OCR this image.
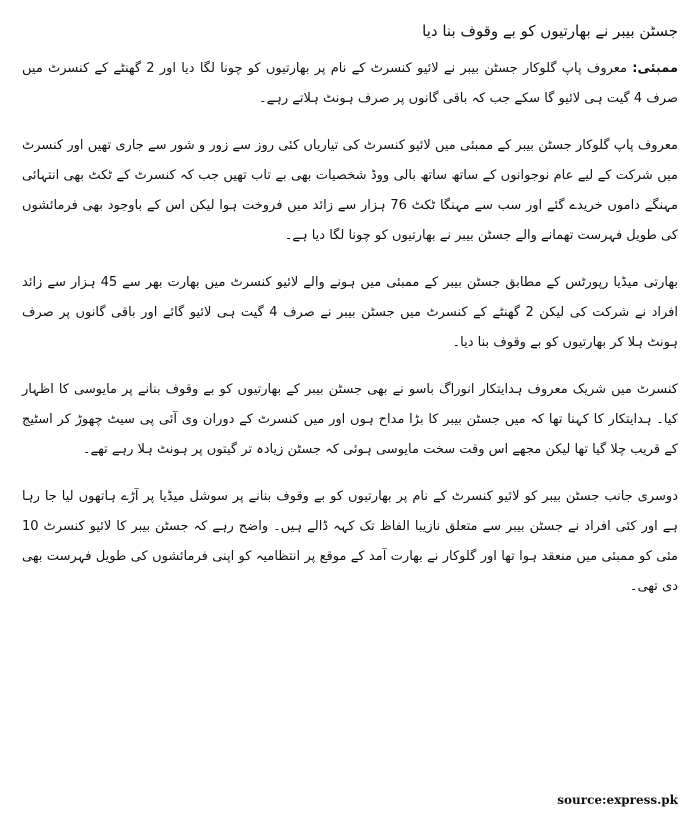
جسٹن بیبر نے بھارتیوں کو بے وقوف بنا دیا

ممبئی: معروف پاپ گلوکار جسٹن بیبر نے لائیو کنسرٹ کے نام پر بھارتیوں کو چونا لگا دیا اور 2 گھنٹے کے کنسرٹ میں صرف 4 گیت ہی لائیو گا سکے جب کہ باقی گانوں پر صرف ہونٹ ہلاتے رہے۔

معروف پاپ گلوکار جسٹن بیبر کے ممبئی میں لائیو کنسرٹ کی تیاریاں کئی روز سے زور و شور سے جاری تھیں اور کنسرٹ میں شرکت کے لیے عام نوجوانوں کے ساتھ ساتھ بالی ووڈ شخصیات بھی بے تاب تھیں جب کہ کنسرٹ کے ٹکٹ بھی انتہائی مہنگے داموں خریدے گئے اور سب سے مہنگا ٹکٹ 76 ہزار سے زائد میں فروخت ہوا لیکن اس کے باوجود بھی فرمائشوں کی طویل فہرست تھمانے والے جسٹن بیبر نے بھارتیوں کو چونا لگا دیا ہے۔

بھارتی میڈیا رپورٹس کے مطابق جسٹن بیبر کے ممبئی میں ہونے والے لائیو کنسرٹ میں بھارت بھر سے 45 ہزار سے زائد افراد نے شرکت کی لیکن 2 گھنٹے کے کنسرٹ میں جسٹن بیبر نے صرف 4 گیت ہی لائیو گائے اور باقی گانوں پر صرف ہونٹ ہلا کر بھارتیوں کو بے وقوف بنا دیا۔

کنسرٹ میں شریک معروف ہدایتکار انوراگ باسو نے بھی جسٹن بیبر کے بھارتیوں کو بے وقوف بنانے پر مایوسی کا اظہار کیا۔ ہدایتکار کا کہنا تھا کہ میں جسٹن بیبر کا بڑا مداح ہوں اور میں کنسرٹ کے دوران وی آئی پی سیٹ چھوڑ کر اسٹیج کے قریب چلا گیا تھا لیکن مجھے اس وقت سخت مایوسی ہوئی کہ جسٹن زیادہ تر گیتوں پر ہونٹ ہلا رہے تھے۔

دوسری جانب جسٹن بیبر کو لائیو کنسرٹ کے نام پر بھارتیوں کو بے وقوف بنانے پر سوشل میڈیا پر آڑے ہاتھوں لیا جا رہا ہے اور کئی افراد نے جسٹن بیبر سے متعلق نازیبا الفاظ تک کہہ ڈالے ہیں۔ واضح رہے کہ جسٹن بیبر کا لائیو کنسرٹ 10 مئی کو ممبئی میں منعقد ہوا تھا اور گلوکار نے بھارت آمد کے موقع پر انتظامیہ کو اپنی فرمائشوں کی طویل فہرست بھی دی تھی۔

source:express.pk
